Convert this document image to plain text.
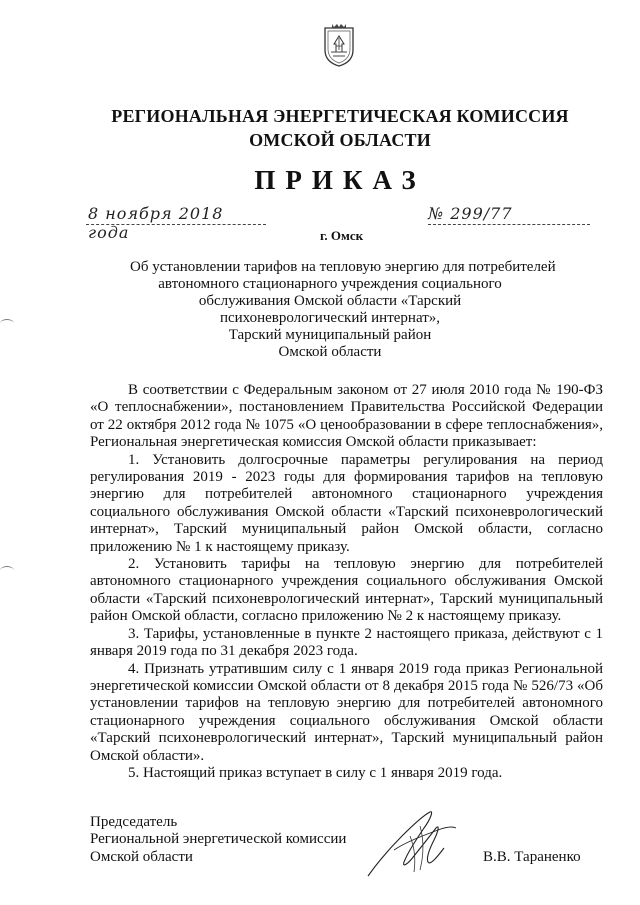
РЕГИОНАЛЬНАЯ ЭНЕРГЕТИЧЕСКАЯ КОМИССИЯ
ОМСКОЙ ОБЛАСТИ
ПРИКАЗ
8 ноября 2018 года
№ 299/77
г. Омск
Об установлении тарифов на тепловую энергию для потребителей
автономного стационарного учреждения социального
обслуживания Омской области «Тарский
психоневрологический интернат»,
Тарский муниципальный район
Омской области

В соответствии с Федеральным законом от 27 июля 2010 года № 190-ФЗ «О теплоснабжении», постановлением Правительства Российской Федерации от 22 октября 2012 года № 1075 «О ценообразовании в сфере теплоснабжения», Региональная энергетическая комиссия Омской области приказывает:

1. Установить долгосрочные параметры регулирования на период регулирования 2019 - 2023 годы для формирования тарифов на тепловую энергию для потребителей автономного стационарного учреждения социального обслуживания Омской области «Тарский психоневрологический интернат», Тарский муниципальный район Омской области, согласно приложению № 1 к настоящему приказу.

2. Установить тарифы на тепловую энергию для потребителей автономного стационарного учреждения социального обслуживания Омской области «Тарский психоневрологический интернат», Тарский муниципальный район Омской области, согласно приложению № 2 к настоящему приказу.

3. Тарифы, установленные в пункте 2 настоящего приказа, действуют с 1 января 2019 года по 31 декабря 2023 года.

4. Признать утратившим силу с 1 января 2019 года приказ Региональной энергетической комиссии Омской области от 8 декабря 2015 года № 526/73 «Об установлении тарифов на тепловую энергию для потребителей автономного стационарного учреждения социального обслуживания Омской области «Тарский психоневрологический интернат», Тарский муниципальный район Омской области».

5. Настоящий приказ вступает в силу с 1 января 2019 года.

Председатель
Региональной энергетической комиссии
Омской области	В.В. Тараненко
